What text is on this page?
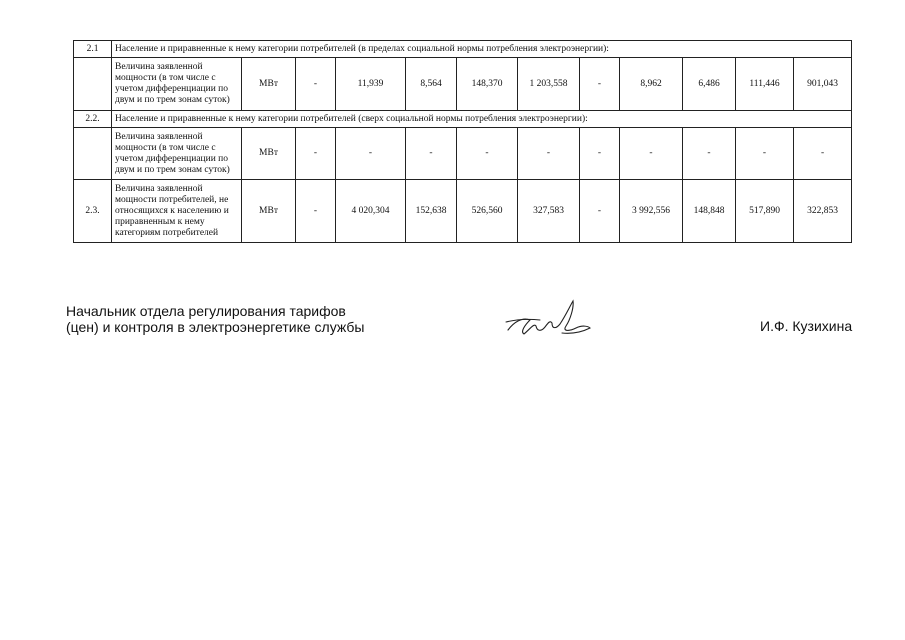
2.1	Население и приравненные к нему категории потребителей (в пределах социальной нормы потребления электроэнергии):											
	Величина заявленной мощности (в том числе с учетом дифференциации по двум и по трем зонам суток)	МВт	-	11,939	8,564	148,370	1 203,558	-	8,962	6,486	111,446	901,043
2.2.	Население и приравненные к нему категории потребителей (сверх социальной нормы потребления электроэнергии):											
	Величина заявленной мощности (в том числе с учетом дифференциации по двум и по трем зонам суток)	МВт	-	-	-	-	-	-	-	-	-	-
2.3.	Величина заявленной мощности потребителей, не относящихся к населению и приравненным к нему категориям потребителей	МВт	-	4 020,304	152,638	526,560	327,583	-	3 992,556	148,848	517,890	322,853
Начальник отдела регулирования тарифов
(цен) и контроля в электроэнергетике службы	И.Ф. Кузихина
